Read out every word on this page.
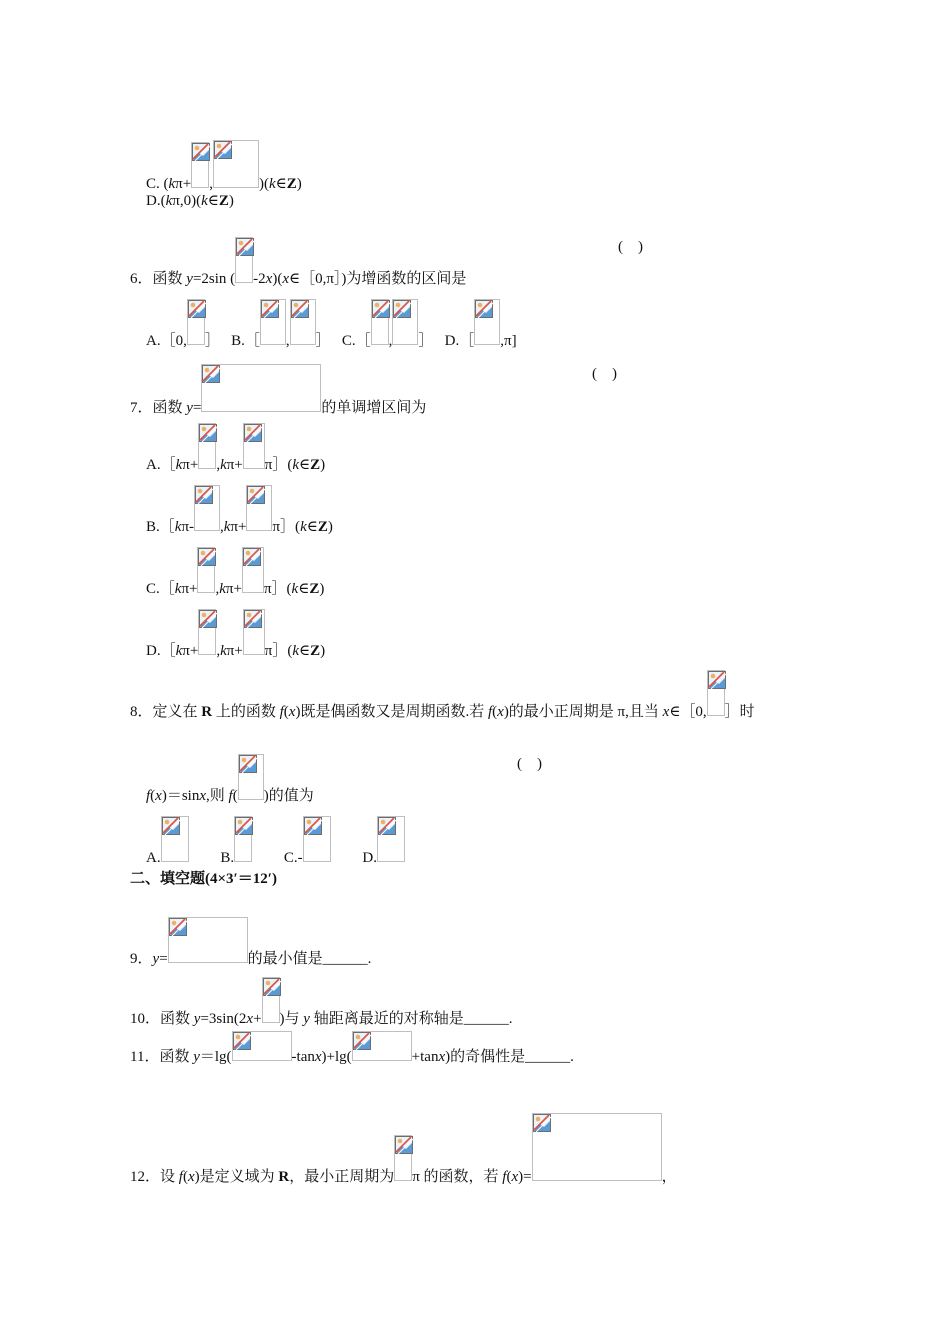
C. (kπ+ ,	)(k∈Z)
D.(kπ,0)(k∈Z)
6．函数 y=2sin ( -2x)(x∈［0,π］)为增函数的区间是
(　)
A.［0, ］ B.［ , ］ C.［ , ］ D.［ ,π]
7．函数 y=	的单调增区间为
(　)
A.［kπ+ ,kπ+ π］(k∈Z)
B.［kπ- ,kπ+ π］(k∈Z)
C.［kπ+ ,kπ+ π］(k∈Z)
D.［kπ+ ,kπ+ π］(k∈Z)
8．定义在 R 上的函数 f(x)既是偶函数又是周期函数.若 f(x)的最小正周期是 π,且当 x∈［0, ］时
f(x)＝sinx,则 f( )的值为
(　)
A.	B.	C.-	D.
二、填空题(4×3′＝12′)
9．y=	的最小值是______.
10．函数 y=3sin(2x+ )与 y 轴距离最近的对称轴是______.
11．函数 y＝lg(	-tanx)+lg(	+tanx)的奇偶性是______.
12．设 f(x)是定义域为 R，最小正周期为 π 的函数，若 f(x)=	，
